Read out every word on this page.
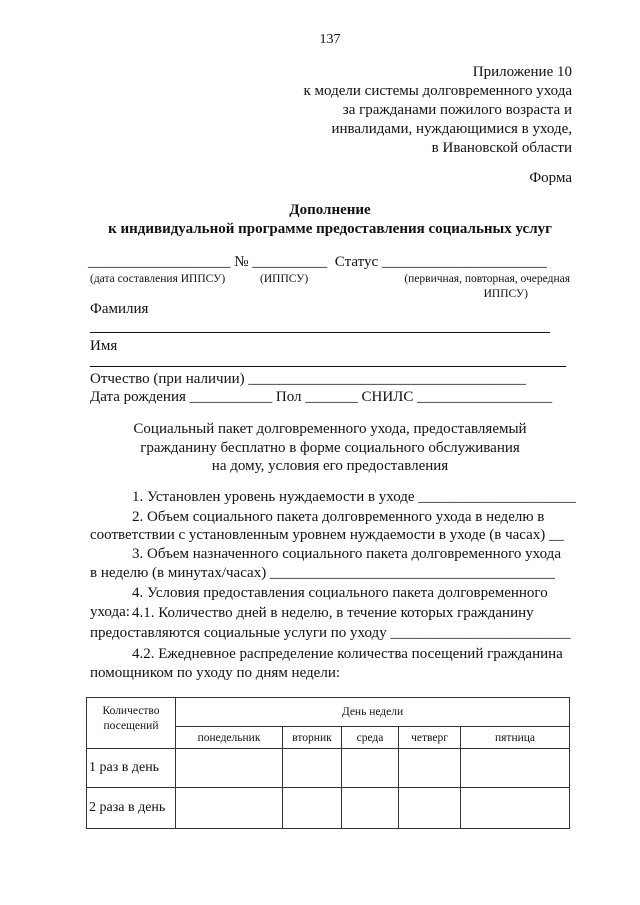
137
Приложение 10
к модели системы долговременного ухода
за гражданами пожилого возраста и
инвалидами, нуждающимися в уходе,
в Ивановской области
Форма
Дополнение
к индивидуальной программе предоставления социальных услуг
___________________ № __________  Статус ______________________
(дата составления ИППСУ)	(ИППСУ)	(первичная, повторная, очередная
ИППСУ)
Фамилия
Имя
Отчество (при наличии) _____________________________________
Дата рождения ___________ Пол _______ СНИЛС __________________
Социальный пакет долговременного ухода, предоставляемый
гражданину бесплатно в форме социального обслуживания
на дому, условия его предоставления
1. Установлен уровень нуждаемости в уходе _____________________
2. Объем социального пакета долговременного ухода в неделю в
соответствии с установленным уровнем нуждаемости в уходе (в часах) __
3. Объем назначенного социального пакета долговременного ухода
в неделю (в минутах/часах) ______________________________________
4. Условия предоставления социального пакета долговременного
ухода: 4.1. Количество дней в неделю, в течение которых гражданину
предоставляются социальные услуги по уходу ________________________
4.2. Ежедневное распределение количества посещений гражданина
помощником по уходу по дням недели:
Количество посещений	День недели				
	понедельник	вторник	среда	четверг	пятница
1 раз в день					
2 раза в день					
